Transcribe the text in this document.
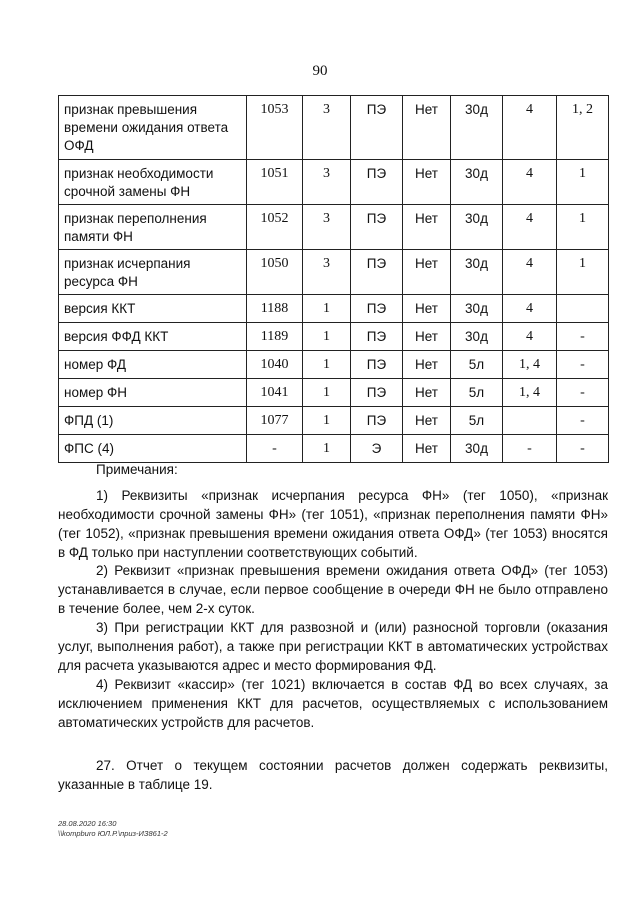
90
признак превышения времени ожидания ответа ОФД	1053	3	ПЭ	Нет	30д	4	1, 2
признак необходимости срочной замены ФН	1051	3	ПЭ	Нет	30д	4	1
признак переполнения памяти ФН	1052	3	ПЭ	Нет	30д	4	1
признак исчерпания ресурса ФН	1050	3	ПЭ	Нет	30д	4	1
версия ККТ	1188	1	ПЭ	Нет	30д	4	
версия ФФД ККТ	1189	1	ПЭ	Нет	30д	4	-
номер ФД	1040	1	ПЭ	Нет	5л	1, 4	-
номер ФН	1041	1	ПЭ	Нет	5л	1, 4	-
ФПД (1)	1077	1	ПЭ	Нет	5л		-
ФПС (4)	-	1	Э	Нет	30д	-	-
Примечания:

1) Реквизиты «признак исчерпания ресурса ФН» (тег 1050), «признак необходимости срочной замены ФН» (тег 1051), «признак переполнения памяти ФН» (тег 1052), «признак превышения времени ожидания ответа ОФД» (тег 1053) вносятся в ФД только при наступлении соответствующих событий.

2) Реквизит «признак превышения времени ожидания ответа ОФД» (тег 1053) устанавливается в случае, если первое сообщение в очереди ФН не было отправлено в течение более, чем 2-х суток.

3) При регистрации ККТ для развозной и (или) разносной торговли (оказания услуг, выполнения работ), а также при регистрации ККТ в автоматических устройствах для расчета указываются адрес и место формирования ФД.

4) Реквизит «кассир» (тег 1021) включается в состав ФД во всех случаях, за исключением применения ККТ для расчетов, осуществляемых с использованием автоматических устройств для расчетов.

27. Отчет о текущем состоянии расчетов должен содержать реквизиты, указанные в таблице 19.

28.08.2020 16:30
\\kompburo ЮЛ.Р.\приз-ИЗ861-2
